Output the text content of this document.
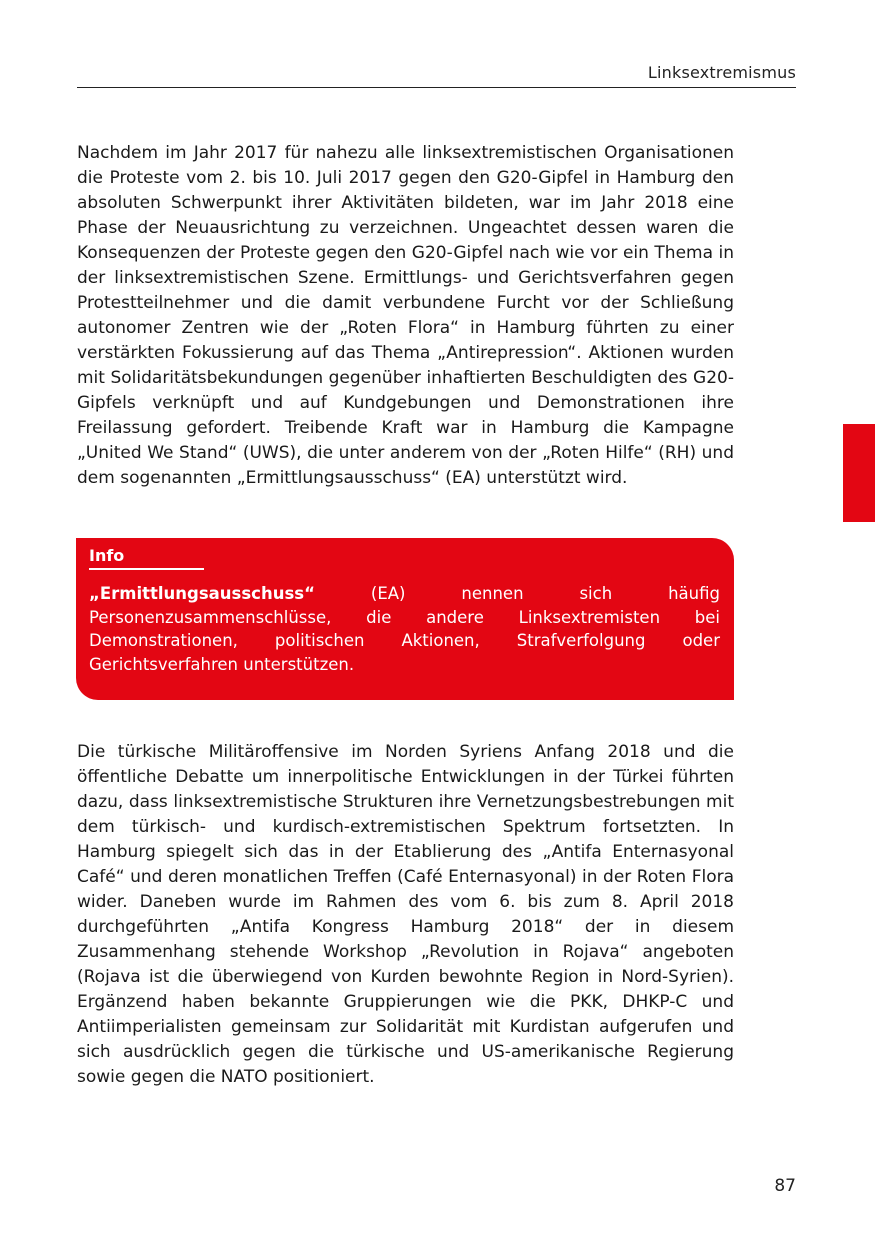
Linksextremismus

Nachdem im Jahr 2017 für nahezu alle linksextremistischen Organisationen die Proteste vom 2. bis 10. Juli 2017 gegen den G20-Gipfel in Hamburg den absoluten Schwerpunkt ihrer Aktivitäten bildeten, war im Jahr 2018 eine Phase der Neuausrichtung zu verzeichnen. Ungeachtet dessen waren die Konsequenzen der Proteste gegen den G20-Gipfel nach wie vor ein Thema in der linksextremistischen Szene. Ermittlungs- und Gerichtsverfahren gegen Protestteilnehmer und die damit verbundene Furcht vor der Schließung autonomer Zentren wie der „Roten Flora“ in Hamburg führten zu einer verstärkten Fokussierung auf das Thema „Antirepression“. Aktionen wurden mit Solidaritätsbekundungen gegenüber inhaftierten Beschuldigten des G20-Gipfels verknüpft und auf Kundgebungen und Demonstrationen ihre Freilassung gefordert. Treibende Kraft war in Hamburg die Kampagne „United We Stand“ (UWS), die unter anderem von der „Roten Hilfe“ (RH) und dem sogenannten „Ermittlungsausschuss“ (EA) unterstützt wird.

Info

„Ermittlungsausschuss“ (EA) nennen sich häufig Personenzusammenschlüsse, die andere Linksextremisten bei Demonstrationen, politischen Aktionen, Strafverfolgung oder Gerichtsverfahren unterstützen.

Die türkische Militäroffensive im Norden Syriens Anfang 2018 und die öffentliche Debatte um innerpolitische Entwicklungen in der Türkei führten dazu, dass linksextremistische Strukturen ihre Vernetzungsbestrebungen mit dem türkisch- und kurdisch-extremistischen Spektrum fortsetzten. In Hamburg spiegelt sich das in der Etablierung des „Antifa Enternasyonal Café“ und deren monatlichen Treffen (Café Enternasyonal) in der Roten Flora wider. Daneben wurde im Rahmen des vom 6. bis zum 8. April 2018 durchgeführten „Antifa Kongress Hamburg 2018“ der in diesem Zusammenhang stehende Workshop „Revolution in Rojava“ angeboten (Rojava ist die überwiegend von Kurden bewohnte Region in Nord-Syrien). Ergänzend haben bekannte Gruppierungen wie die PKK, DHKP-C und Antiimperialisten gemeinsam zur Solidarität mit Kurdistan aufgerufen und sich ausdrücklich gegen die türkische und US-amerikanische Regierung sowie gegen die NATO positioniert.

87
